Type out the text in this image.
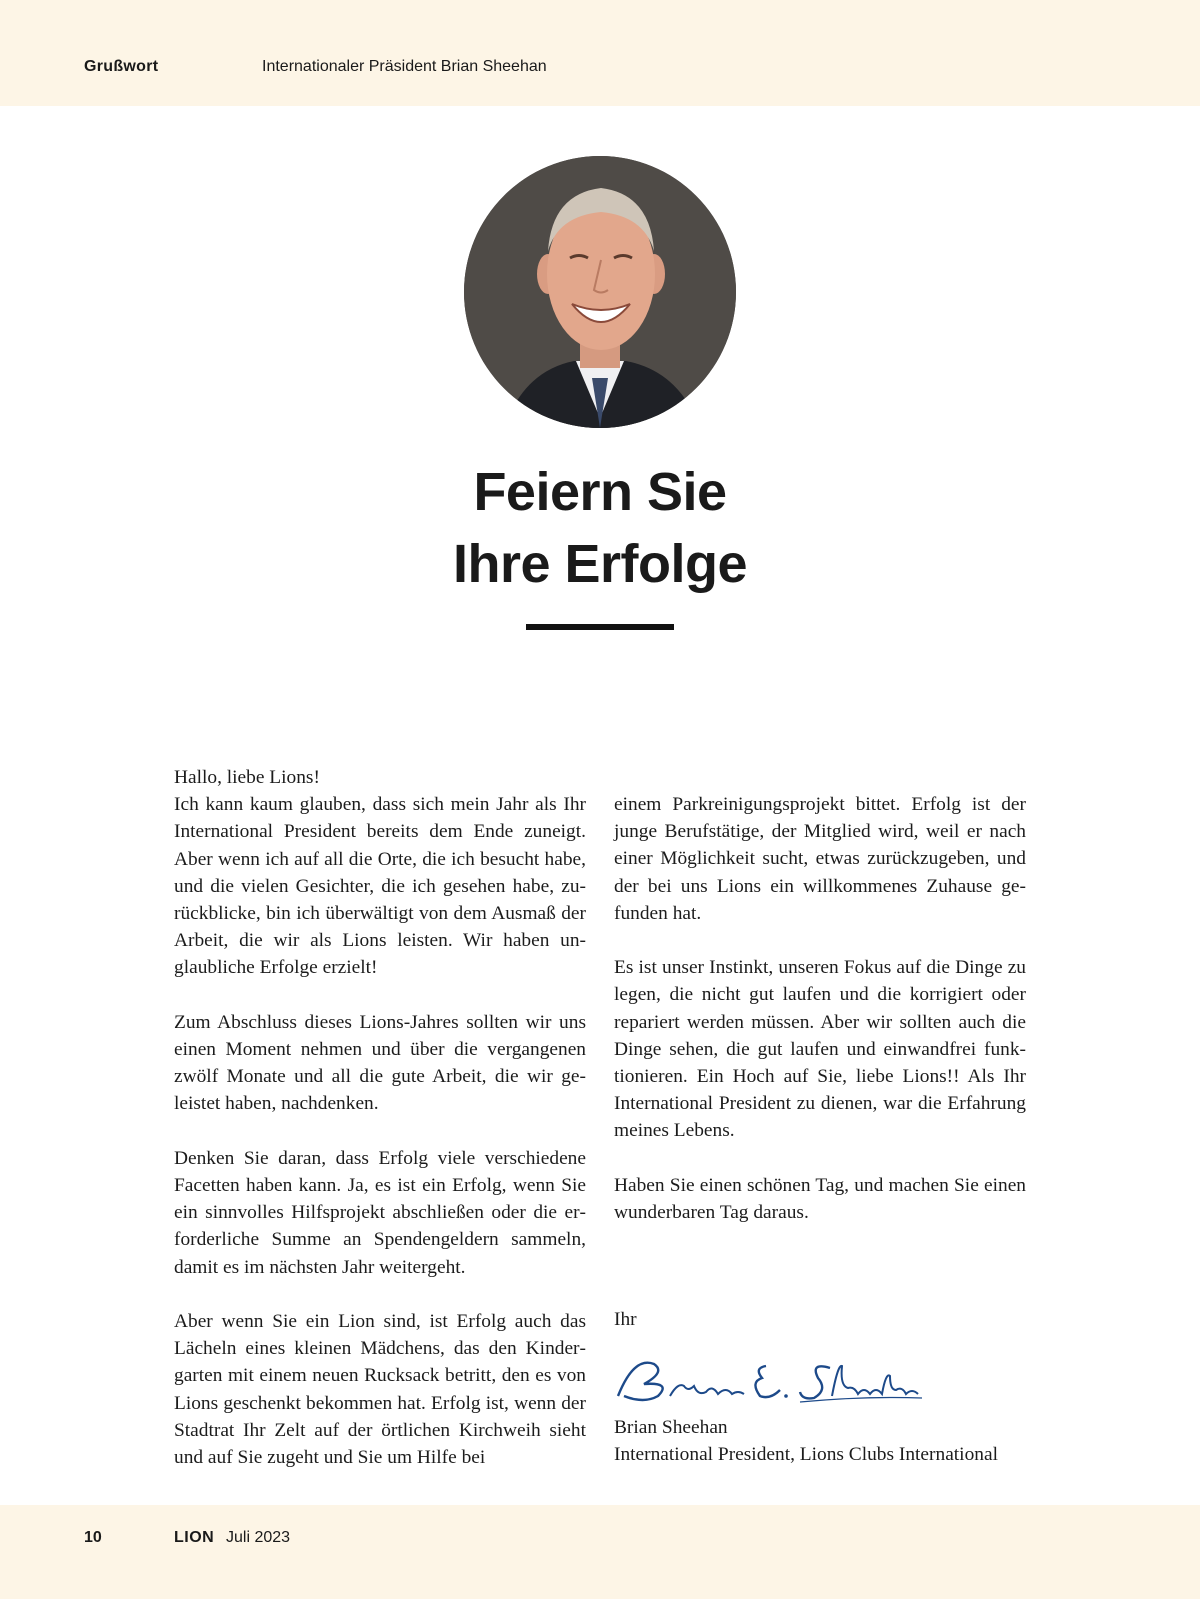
Grußwort	Internationaler Präsident Brian Sheehan
Feiern Sie
Ihre Erfolge

Hallo, liebe Lions!

Ich kann kaum glauben, dass sich mein Jahr als Ihr International President bereits dem Ende zuneigt. Aber wenn ich auf all die Orte, die ich besucht habe, und die vielen Gesichter, die ich gesehen habe, zurückblicke, bin ich überwältigt von dem Ausmaß der Arbeit, die wir als Lions leisten. Wir haben unglaubliche Erfolge erzielt!

Zum Abschluss dieses Lions-Jahres sollten wir uns einen Moment nehmen und über die vergangenen zwölf Monate und all die gute Arbeit, die wir geleistet haben, nachdenken.

Denken Sie daran, dass Erfolg viele verschiedene Facetten haben kann. Ja, es ist ein Erfolg, wenn Sie ein sinnvolles Hilfsprojekt abschließen oder die erforderliche Summe an Spendengeldern sammeln, damit es im nächsten Jahr weitergeht.

Aber wenn Sie ein Lion sind, ist Erfolg auch das Lächeln eines kleinen Mädchens, das den Kindergarten mit einem neuen Rucksack betritt, den es von Lions geschenkt bekommen hat. Erfolg ist, wenn der Stadtrat Ihr Zelt auf der örtlichen Kirchweih sieht und auf Sie zugeht und Sie um Hilfe bei

einem Parkreinigungsprojekt bittet. Erfolg ist der junge Berufstätige, der Mitglied wird, weil er nach einer Möglichkeit sucht, etwas zurückzugeben, und der bei uns Lions ein willkommenes Zuhause gefunden hat.

Es ist unser Instinkt, unseren Fokus auf die Dinge zu legen, die nicht gut laufen und die korrigiert oder repariert werden müssen. Aber wir sollten auch die Dinge sehen, die gut laufen und einwandfrei funktionieren. Ein Hoch auf Sie, liebe Lions!! Als Ihr International President zu dienen, war die Erfahrung meines Lebens.

Haben Sie einen schönen Tag, und machen Sie einen wunderbaren Tag daraus.

Ihr
Brian Sheehan
International President, Lions Clubs International
10	LION Juli 2023
